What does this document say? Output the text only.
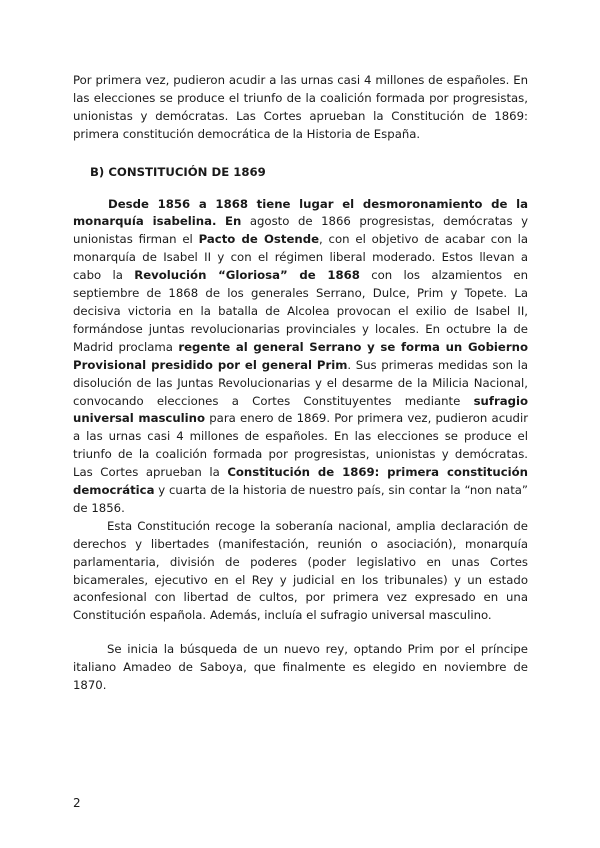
Por primera vez, pudieron acudir a las urnas casi 4 millones de españoles. En las elecciones se produce el triunfo de la coalición formada por progresistas, unionistas y demócratas. Las Cortes aprueban la Constitución de 1869: primera constitución democrática de la Historia de España.

B) CONSTITUCIÓN DE 1869

Desde 1856 a 1868 tiene lugar el desmoronamiento de la monarquía isabelina. En agosto de 1866 progresistas, demócratas y unionistas firman el Pacto de Ostende, con el objetivo de acabar con la monarquía de Isabel II y con el régimen liberal moderado. Estos llevan a cabo la Revolución “Gloriosa” de 1868 con los alzamientos en septiembre de 1868 de los generales Serrano, Dulce, Prim y Topete. La decisiva victoria en la batalla de Alcolea provocan el exilio de Isabel II, formándose juntas revolucionarias provinciales y locales. En octubre la de Madrid proclama regente al general Serrano y se forma un Gobierno Provisional presidido por el general Prim. Sus primeras medidas son la disolución de las Juntas Revolucionarias y el desarme de la Milicia Nacional, convocando elecciones a Cortes Constituyentes mediante sufragio universal masculino para enero de 1869. Por primera vez, pudieron acudir a las urnas casi 4 millones de españoles. En las elecciones se produce el triunfo de la coalición formada por progresistas, unionistas y demócratas. Las Cortes aprueban la Constitución de 1869: primera constitución democrática y cuarta de la historia de nuestro país, sin contar la “non nata” de 1856.

Esta Constitución recoge la soberanía nacional, amplia declaración de derechos y libertades (manifestación, reunión o asociación), monarquía parlamentaria, división de poderes (poder legislativo en unas Cortes bicamerales, ejecutivo en el Rey y judicial en los tribunales) y un estado aconfesional con libertad de cultos, por primera vez expresado en una Constitución española. Además, incluía el sufragio universal masculino.

Se inicia la búsqueda de un nuevo rey, optando Prim por el príncipe italiano Amadeo de Saboya, que finalmente es elegido en noviembre de 1870.

2
